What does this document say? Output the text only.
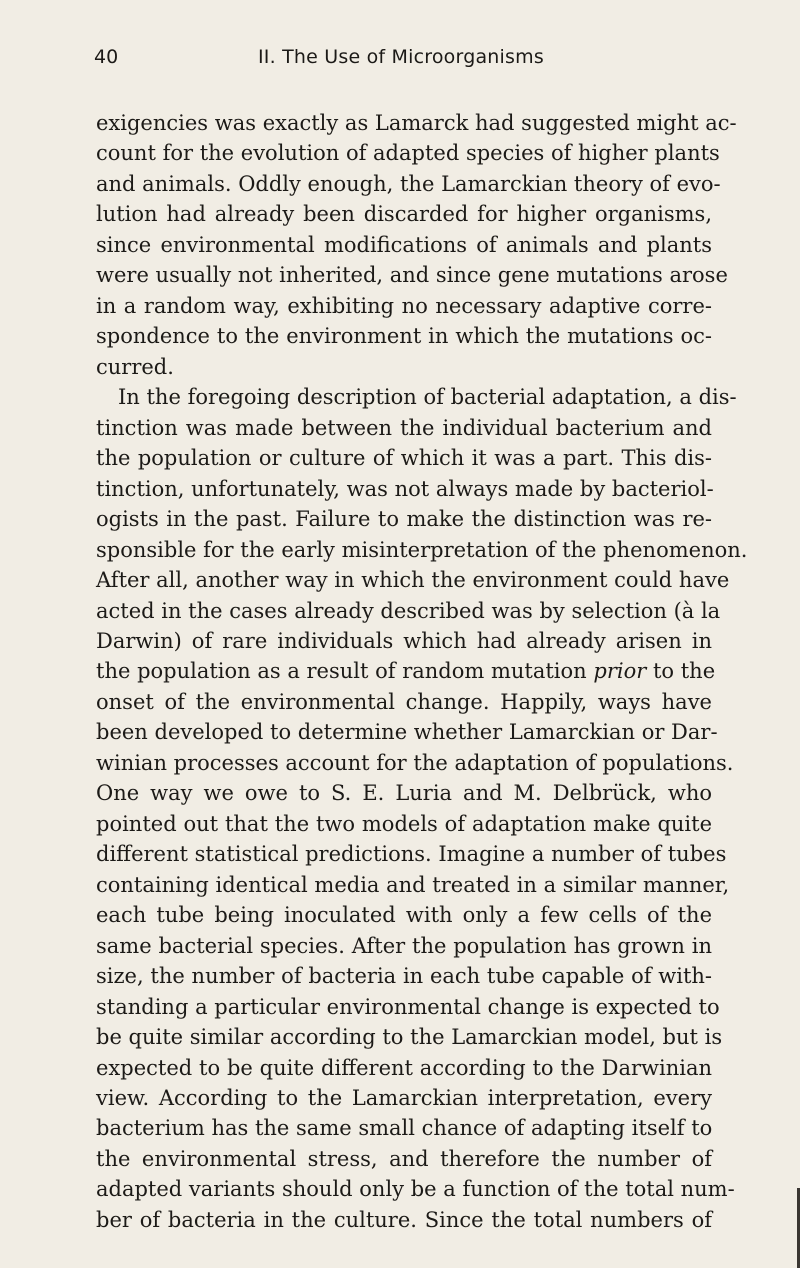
40	II. The Use of Microorganisms
exigencies was exactly as Lamarck had suggested might ac-
count for the evolution of adapted species of higher plants
and animals. Oddly enough, the Lamarckian theory of evo-
lution had already been discarded for higher organisms,
since environmental modifications of animals and plants
were usually not inherited, and since gene mutations arose
in a random way, exhibiting no necessary adaptive corre-
spondence to the environment in which the mutations oc-
curred.
In the foregoing description of bacterial adaptation, a dis-
tinction was made between the individual bacterium and
the population or culture of which it was a part. This dis-
tinction, unfortunately, was not always made by bacteriol-
ogists in the past. Failure to make the distinction was re-
sponsible for the early misinterpretation of the phenomenon.
After all, another way in which the environment could have
acted in the cases already described was by selection (à la
Darwin) of rare individuals which had already arisen in
the population as a result of random mutation prior to the
onset of the environmental change. Happily, ways have
been developed to determine whether Lamarckian or Dar-
winian processes account for the adaptation of populations.
One way we owe to S. E. Luria and M. Delbrück, who
pointed out that the two models of adaptation make quite
different statistical predictions. Imagine a number of tubes
containing identical media and treated in a similar manner,
each tube being inoculated with only a few cells of the
same bacterial species. After the population has grown in
size, the number of bacteria in each tube capable of with-
standing a particular environmental change is expected to
be quite similar according to the Lamarckian model, but is
expected to be quite different according to the Darwinian
view. According to the Lamarckian interpretation, every
bacterium has the same small chance of adapting itself to
the environmental stress, and therefore the number of
adapted variants should only be a function of the total num-
ber of bacteria in the culture. Since the total numbers of
